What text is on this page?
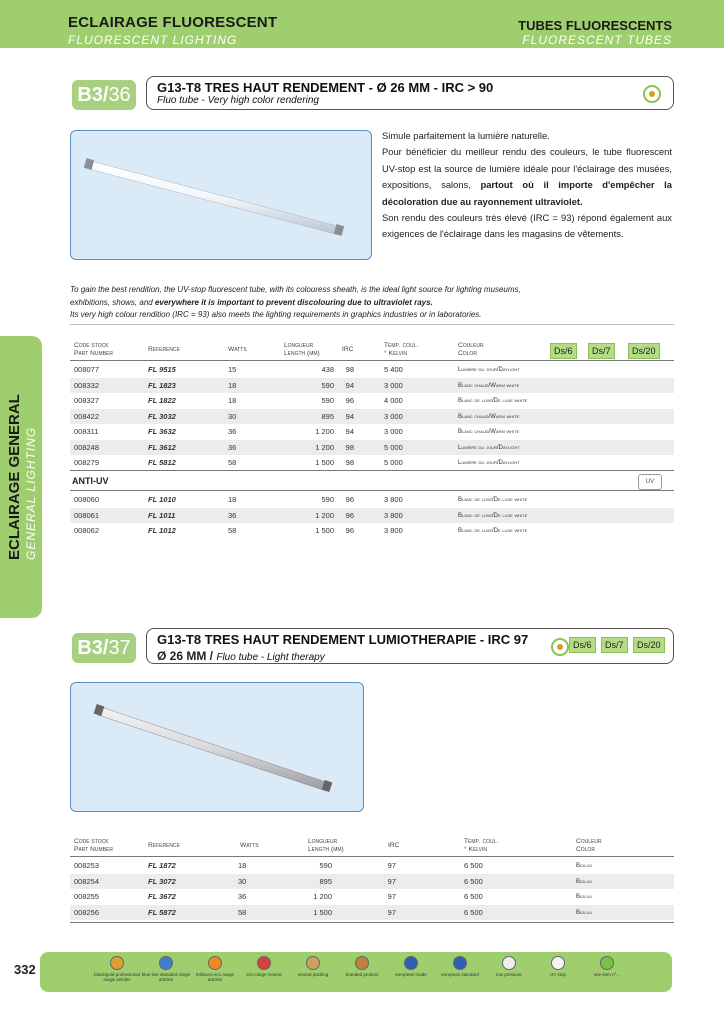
ECLAIRAGE FLUORESCENT
FLUORESCENT LIGHTING
TUBES FLUORESCENTS
FLUORESCENT TUBES
ECLAIRAGE GENERAL GENERAL LIGHTING
B3/36	G13-T8 TRES HAUT RENDEMENT - Ø 26 MM - IRC > 90
Fluo tube - Very high color rendering
Simule parfaitement la lumière naturelle.
Pour bénéficier du meilleur rendu des couleurs, le tube fluorescent UV-stop est la source de lumière idéale pour l'éclairage des musées, expositions, salons, partout où il importe d'empêcher la décoloration due au rayonnement ultraviolet.
Son rendu des couleurs très élevé (IRC = 93) répond également aux exigences de l'éclairage dans les magasins de vêtements.
To gain the best rendition, the UV-stop fluorescent tube, with its colouress sheath, is the ideal light source for lighting museums,
exhibitions, shows, and everywhere it is important to prevent discolouring due to ultraviolet rays.
Its very high colour rendition (IRC = 93) also meets the lighting requirements in graphics industries or in laboratories.
Code stock
Part Number
Reference	Watts
Longueur
Length (mm)
IRC
Temp. coul.
° Kelvin
Couleur
Color	Ds/6	Ds/7	Ds/20
008077	FL 9515	15	438 98	5 400	Lumière du jour/Daylight
008332	FL 1823	18	590 94	3 000	Blanc chaud/Warm white
008327	FL 1822	18	590 96	4 000	Blanc de luxe/De luxe white
008422	FL 3032	30	895 94	3 000	Blanc chaud/Warm white
008311	FL 3632	36	1 200 94	3 000	Blanc chaud/Warm white
008248	FL 3612	36	1 200 98	5 000	Lumière du jour/Daylight
008279	FL 5812	58	1 500 98	5 000	Lumière du jour/Daylight
ANTI-UV	UV
008060	FL 1010	18	590 96	3 800	Blanc de luxe/De luxe white
008061	FL 1011	36	1 200 96	3 800	Blanc de luxe/De luxe white
008062	FL 1012	58	1 500 96	3 800	Blanc de luxe/De luxe white
B3/37	G13-T8 TRES HAUT RENDEMENT LUMIOTHERAPIE - IRC 97
Ø 26 MM / Fluo tube - Light therapy
Ds/6	Ds/7	Ds/20
Code stock
Part Number
Reference	Watts
Longueur
Length (mm)
IRC
Temp. coul.
° Kelvin
Couleur
Color
008253	FL 1872	18	590	97	6 500	Biolux
008254	FL 3072	30	895	97	6 500	Biolux
008255	FL 3672	36	1 200	97	6 500	Biolux
008256	FL 5872	58	1 500	97	6 500	Biolux
332	black/gold professional range articles
blue line standard range articles
brillance eco range articles
eco range neutral	neutral packing	branded product	european made	european standard	low pressure	UV stop	see item n°...
